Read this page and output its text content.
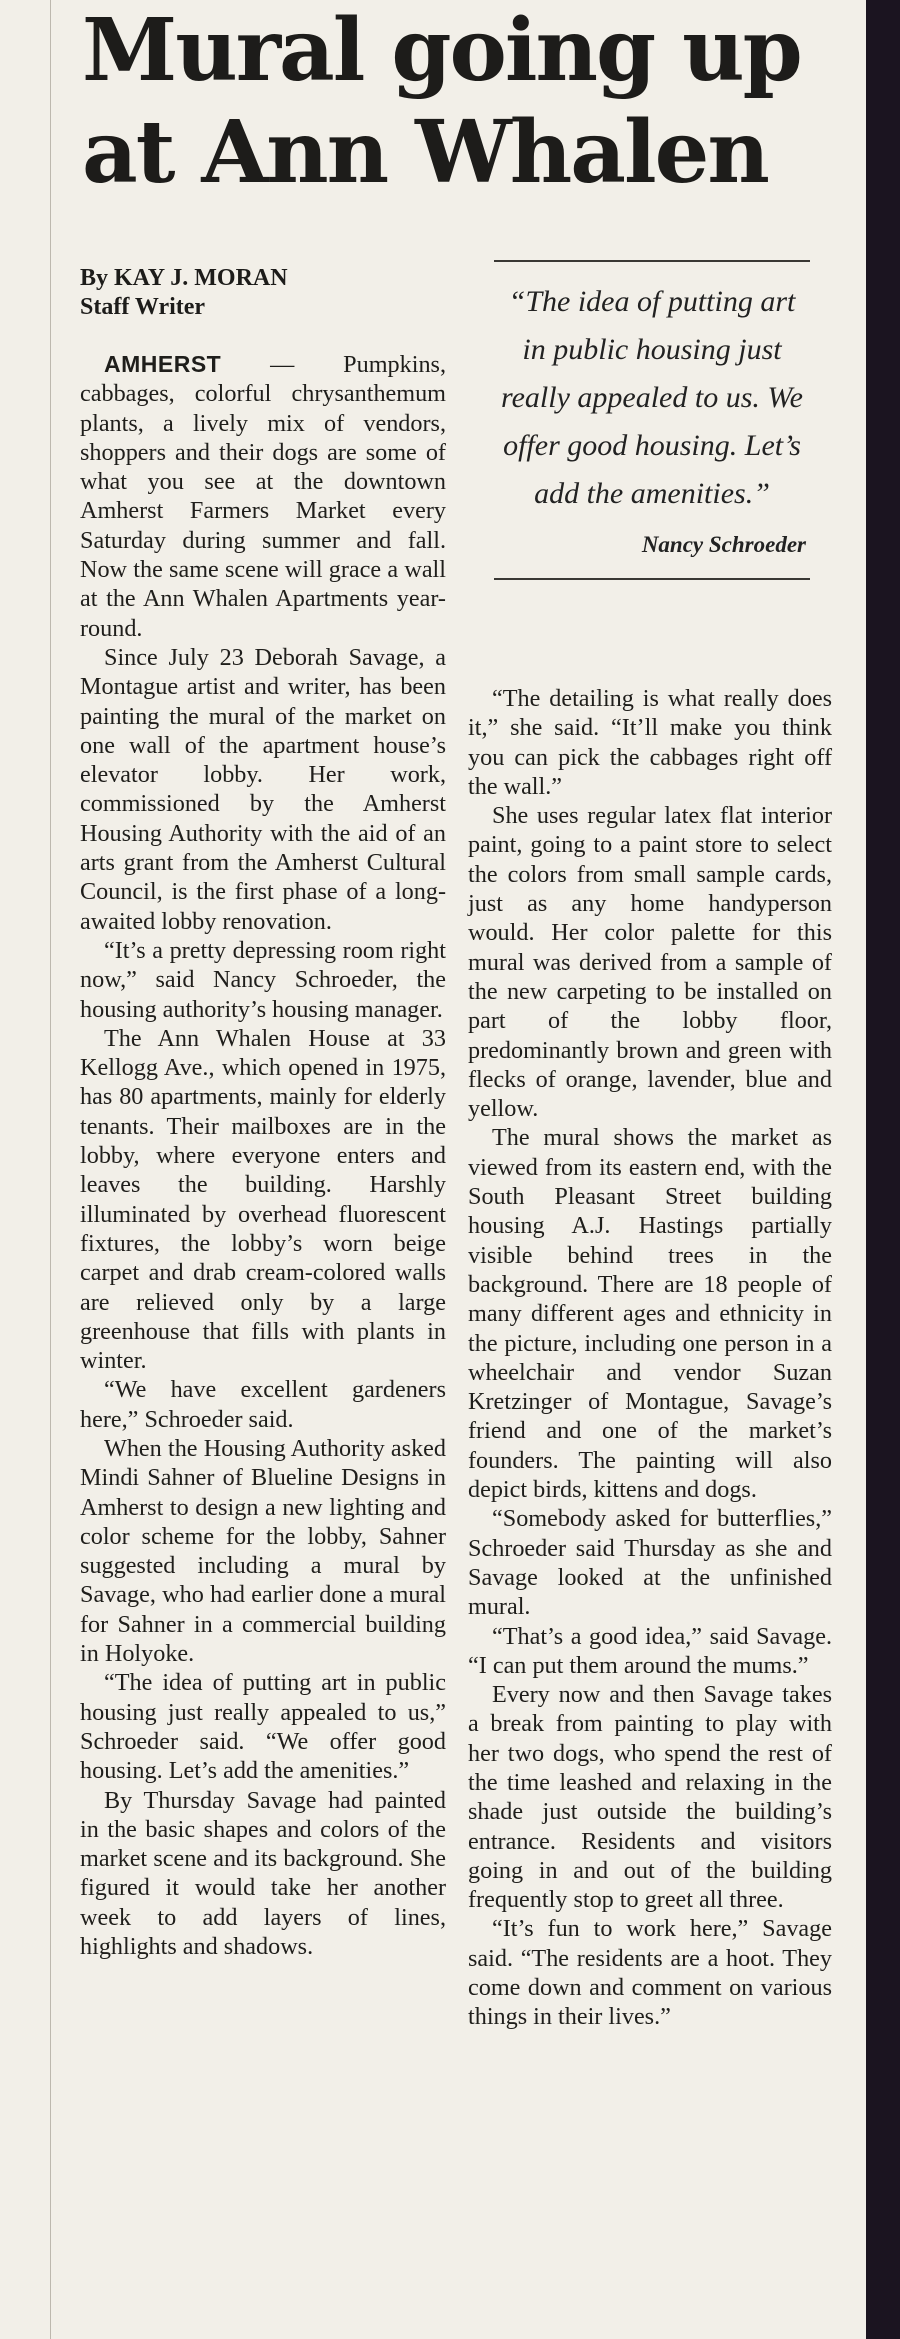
Mural going up
at Ann Whalen
By KAY J. MORAN
Staff Writer	“The idea of putting art in public housing just really appealed to us. We offer good housing. Let’s add the amenities.”

Nancy Schroeder

AMHERST — Pumpkins, cabbages, colorful chrysanthemum plants, a lively mix of vendors, shoppers and their dogs are some of what you see at the downtown Amherst Farmers Market every Saturday during summer and fall. Now the same scene will grace a wall at the Ann Whalen Apartments year-round.

Since July 23 Deborah Savage, a Montague artist and writer, has been painting the mural of the market on one wall of the apartment house’s elevator lobby. Her work, commissioned by the Amherst Housing Authority with the aid of an arts grant from the Amherst Cultural Council, is the first phase of a long-awaited lobby renovation.

“It’s a pretty depressing room right now,” said Nancy Schroeder, the housing authority’s housing manager.

The Ann Whalen House at 33 Kellogg Ave., which opened in 1975, has 80 apartments, mainly for elderly tenants. Their mailboxes are in the lobby, where everyone enters and leaves the building. Harshly illuminated by overhead fluorescent fixtures, the lobby’s worn beige carpet and drab cream-colored walls are relieved only by a large greenhouse that fills with plants in winter.

“We have excellent gardeners here,” Schroeder said.

When the Housing Authority asked Mindi Sahner of Blueline Designs in Amherst to design a new lighting and color scheme for the lobby, Sahner suggested including a mural by Savage, who had earlier done a mural for Sahner in a commercial building in Holyoke.

“The idea of putting art in public housing just really appealed to us,” Schroeder said. “We offer good housing. Let’s add the amenities.”

By Thursday Savage had painted in the basic shapes and colors of the market scene and its background. She figured it would take her another week to add layers of lines, highlights and shadows.

“The detailing is what really does it,” she said. “It’ll make you think you can pick the cabbages right off the wall.”

She uses regular latex flat interior paint, going to a paint store to select the colors from small sample cards, just as any home handyperson would. Her color palette for this mural was derived from a sample of the new carpeting to be installed on part of the lobby floor, predominantly brown and green with flecks of orange, lavender, blue and yellow.

The mural shows the market as viewed from its eastern end, with the South Pleasant Street building housing A.J. Hastings partially visible behind trees in the background. There are 18 people of many different ages and ethnicity in the picture, including one person in a wheelchair and vendor Suzan Kretzinger of Montague, Savage’s friend and one of the market’s founders. The painting will also depict birds, kittens and dogs.

“Somebody asked for butterflies,” Schroeder said Thursday as she and Savage looked at the unfinished mural.

“That’s a good idea,” said Savage. “I can put them around the mums.”

Every now and then Savage takes a break from painting to play with her two dogs, who spend the rest of the time leashed and relaxing in the shade just outside the building’s entrance. Residents and visitors going in and out of the building frequently stop to greet all three.

“It’s fun to work here,” Savage said. “The residents are a hoot. They come down and comment on various things in their lives.”
